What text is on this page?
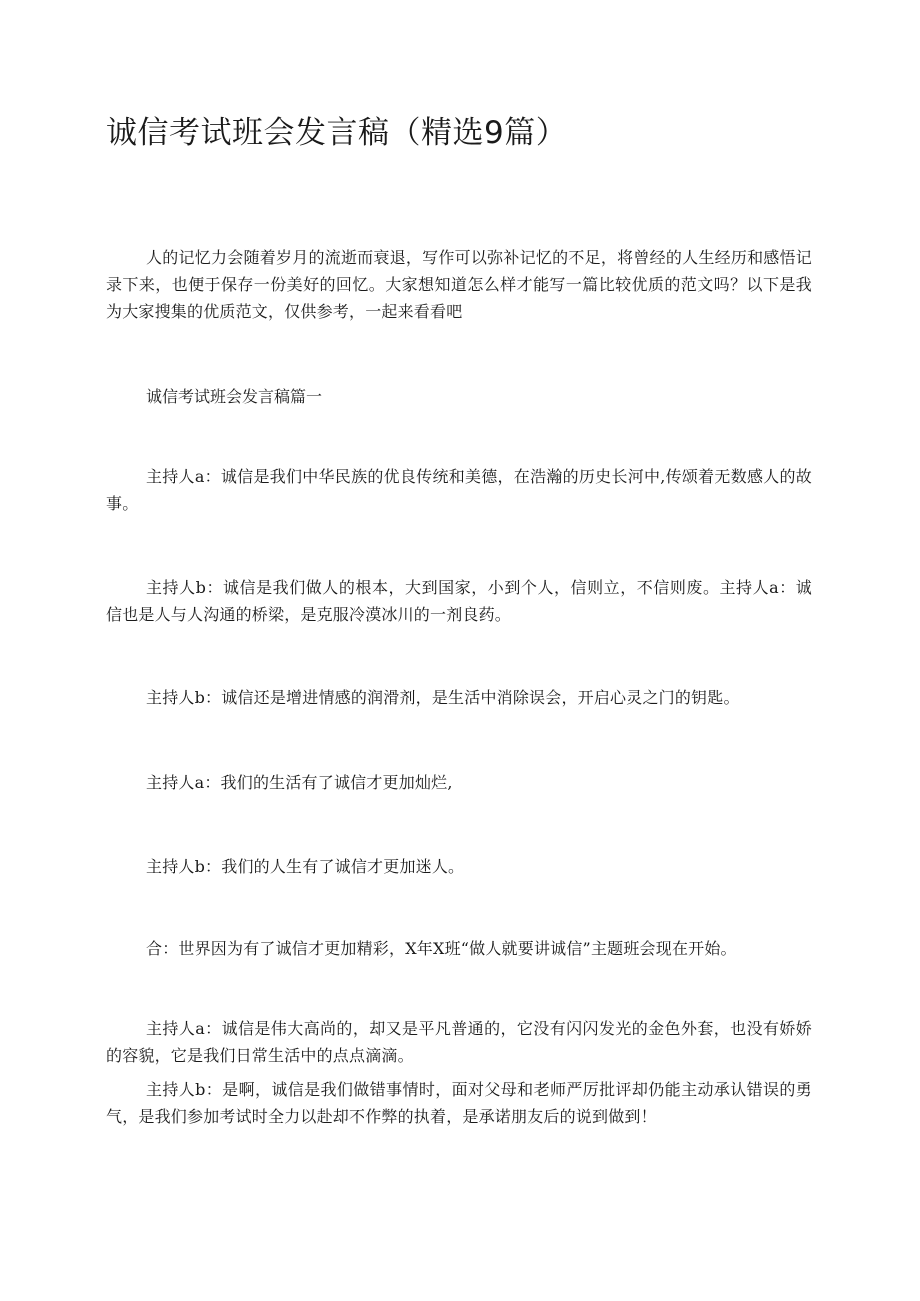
诚信考试班会发言稿（精选9篇）

人的记忆力会随着岁月的流逝而衰退，写作可以弥补记忆的不足，将曾经的人生经历和感悟记录下来，也便于保存一份美好的回忆。大家想知道怎么样才能写一篇比较优质的范文吗？以下是我为大家搜集的优质范文，仅供参考，一起来看看吧

诚信考试班会发言稿篇一

主持人a：诚信是我们中华民族的优良传统和美德，在浩瀚的历史长河中,传颂着无数感人的故事。

主持人b：诚信是我们做人的根本，大到国家，小到个人，信则立，不信则废。主持人a：诚信也是人与人沟通的桥梁，是克服冷漠冰川的一剂良药。

主持人b：诚信还是增进情感的润滑剂，是生活中消除误会，开启心灵之门的钥匙。

主持人a：我们的生活有了诚信才更加灿烂,

主持人b：我们的人生有了诚信才更加迷人。

合：世界因为有了诚信才更加精彩，X年X班“做人就要讲诚信”主题班会现在开始。

主持人a：诚信是伟大高尚的，却又是平凡普通的，它没有闪闪发光的金色外套，也没有娇娇的容貌，它是我们日常生活中的点点滴滴。

主持人b：是啊，诚信是我们做错事情时，面对父母和老师严厉批评却仍能主动承认错误的勇气，是我们参加考试时全力以赴却不作弊的执着，是承诺朋友后的说到做到！
